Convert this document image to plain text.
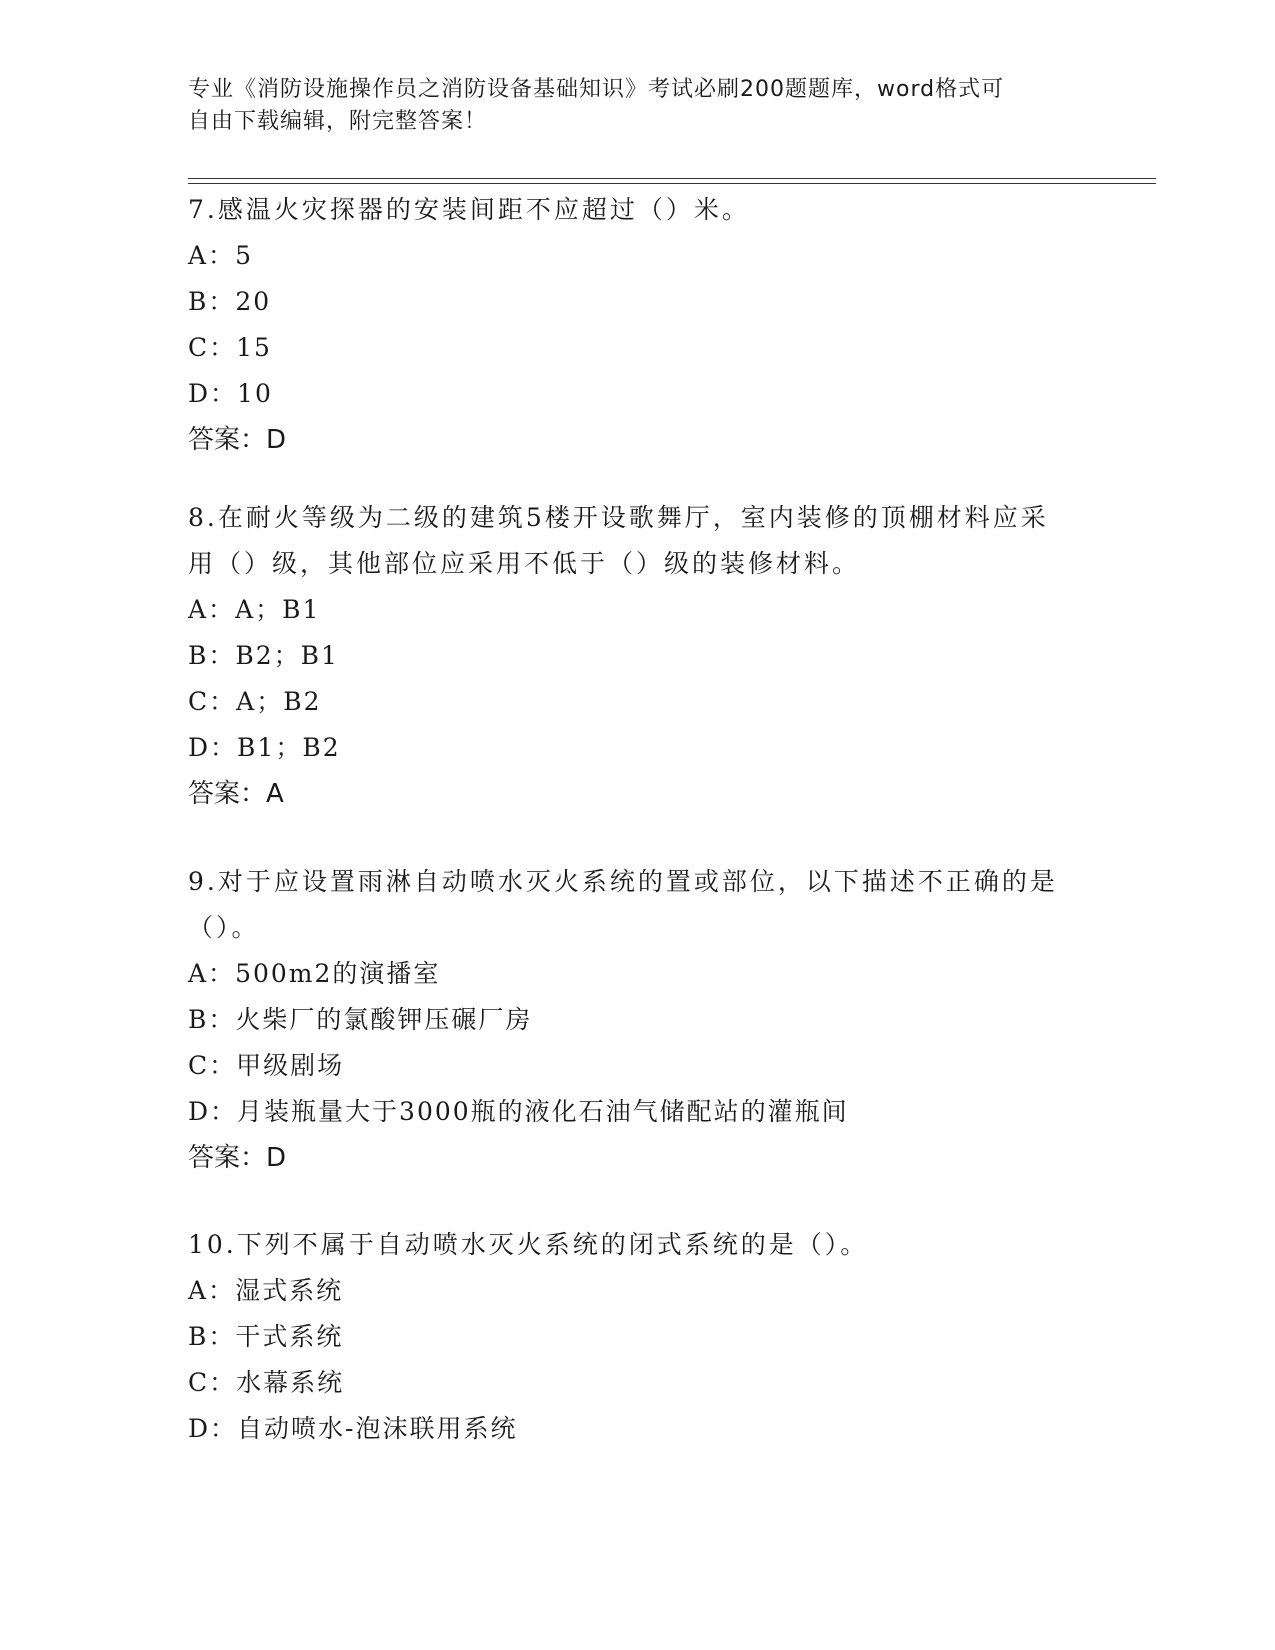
专业《消防设施操作员之消防设备基础知识》考试必刷200题题库，word格式可
自由下载编辑，附完整答案！

7.感温火灾探器的安装间距不应超过（）米。

A：5

B：20

C：15

D：10

答案：D

8.在耐火等级为二级的建筑5楼开设歌舞厅，室内装修的顶棚材料应采用（）级，其他部位应采用不低于（）级的装修材料。

A：A；B1

B：B2；B1

C：A；B2

D：B1；B2

答案：A

9.对于应设置雨淋自动喷水灭火系统的置或部位，以下描述不正确的是（）。

A：500m2的演播室

B：火柴厂的氯酸钾压碾厂房

C：甲级剧场

D：月装瓶量大于3000瓶的液化石油气储配站的灌瓶间

答案：D

10.下列不属于自动喷水灭火系统的闭式系统的是（）。

A：湿式系统

B：干式系统

C：水幕系统

D：自动喷水-泡沫联用系统
